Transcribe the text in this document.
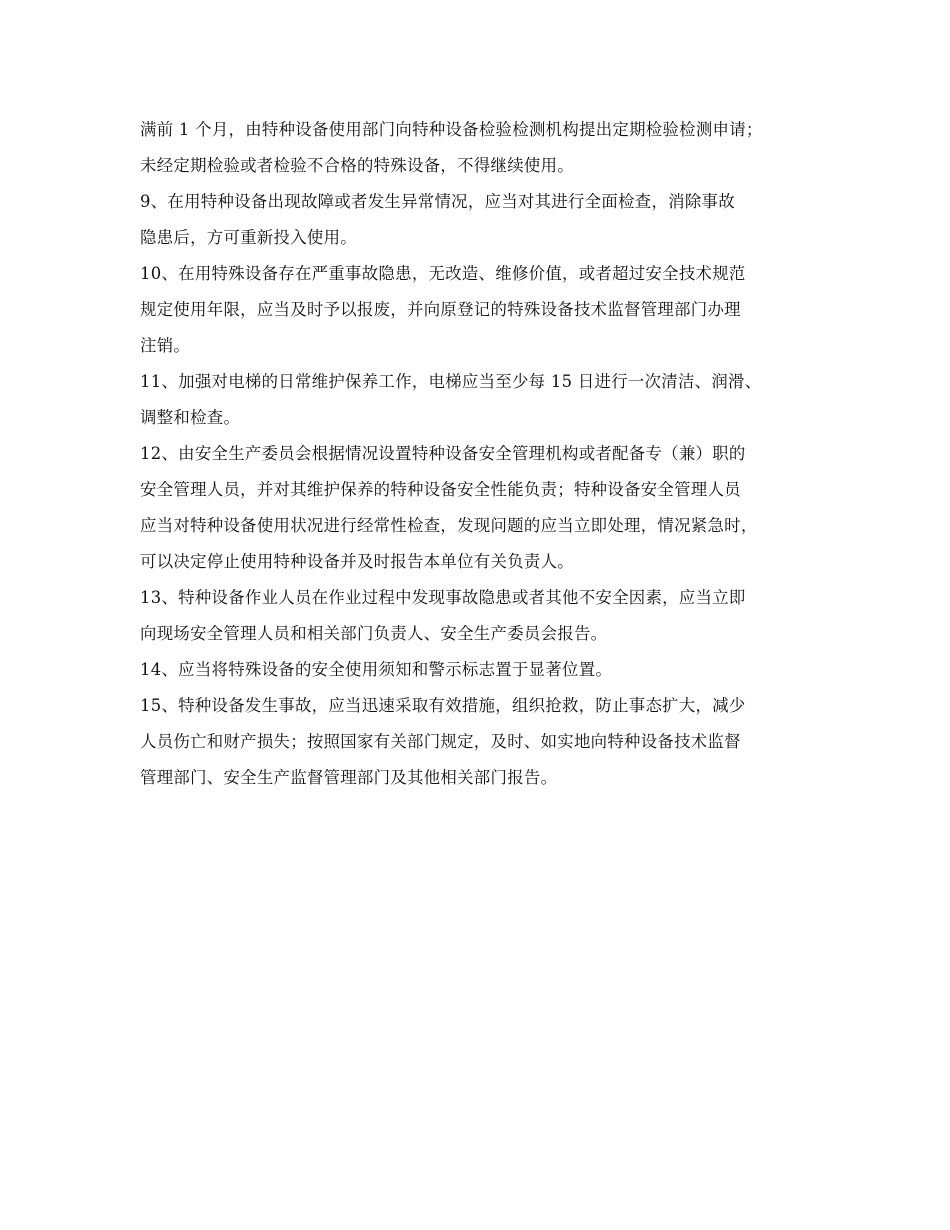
满前 1 个月，由特种设备使用部门向特种设备检验检测机构提出定期检验检测申请；
未经定期检验或者检验不合格的特殊设备，不得继续使用。
9、在用特种设备出现故障或者发生异常情况，应当对其进行全面检查，消除事故
隐患后，方可重新投入使用。
10、在用特殊设备存在严重事故隐患，无改造、维修价值，或者超过安全技术规范
规定使用年限，应当及时予以报废，并向原登记的特殊设备技术监督管理部门办理
注销。
11、加强对电梯的日常维护保养工作，电梯应当至少每 15 日进行一次清洁、润滑、
调整和检查。
12、由安全生产委员会根据情况设置特种设备安全管理机构或者配备专（兼）职的
安全管理人员，并对其维护保养的特种设备安全性能负责；特种设备安全管理人员
应当对特种设备使用状况进行经常性检查，发现问题的应当立即处理，情况紧急时，
可以决定停止使用特种设备并及时报告本单位有关负责人。
13、特种设备作业人员在作业过程中发现事故隐患或者其他不安全因素，应当立即
向现场安全管理人员和相关部门负责人、安全生产委员会报告。
14、应当将特殊设备的安全使用须知和警示标志置于显著位置。
15、特种设备发生事故，应当迅速采取有效措施，组织抢救，防止事态扩大，减少
人员伤亡和财产损失；按照国家有关部门规定，及时、如实地向特种设备技术监督
管理部门、安全生产监督管理部门及其他相关部门报告。
